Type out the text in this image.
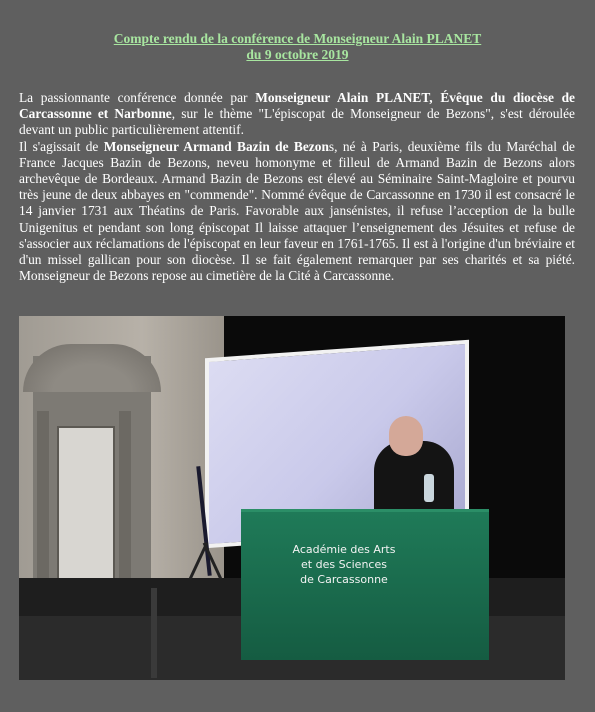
Compte rendu de la conférence de Monseigneur Alain PLANET
du 9 octobre 2019

La passionnante conférence donnée par Monseigneur Alain PLANET, Évêque du diocèse de Carcassonne et Narbonne, sur le thème "L'épiscopat de Monseigneur de Bezons", s'est déroulée devant un public particulièrement attentif.

Il s'agissait de Monseigneur Armand Bazin de Bezons, né à Paris, deuxième fils du Maréchal de France Jacques Bazin de Bezons, neveu homonyme et filleul de Armand Bazin de Bezons alors archevêque de Bordeaux. Armand Bazin de Bezons est élevé au Séminaire Saint-Magloire et pourvu très jeune de deux abbayes en "commende". Nommé évêque de Carcassonne en 1730 il est consacré le 14 janvier 1731 aux Théatins de Paris. Favorable aux jansénistes, il refuse l’acception de la bulle Unigenitus et pendant son long épiscopat Il laisse attaquer l’enseignement des Jésuites et refuse de s'associer aux réclamations de l'épiscopat en leur faveur en 1761-1765. Il est à l'origine d'un bréviaire et d'un missel gallican pour son diocèse. Il se fait également remarquer par ses charités et sa piété. Monseigneur de Bezons repose au cimetière de la Cité à Carcassonne.

Académie des Arts
et des Sciences
de Carcassonne
